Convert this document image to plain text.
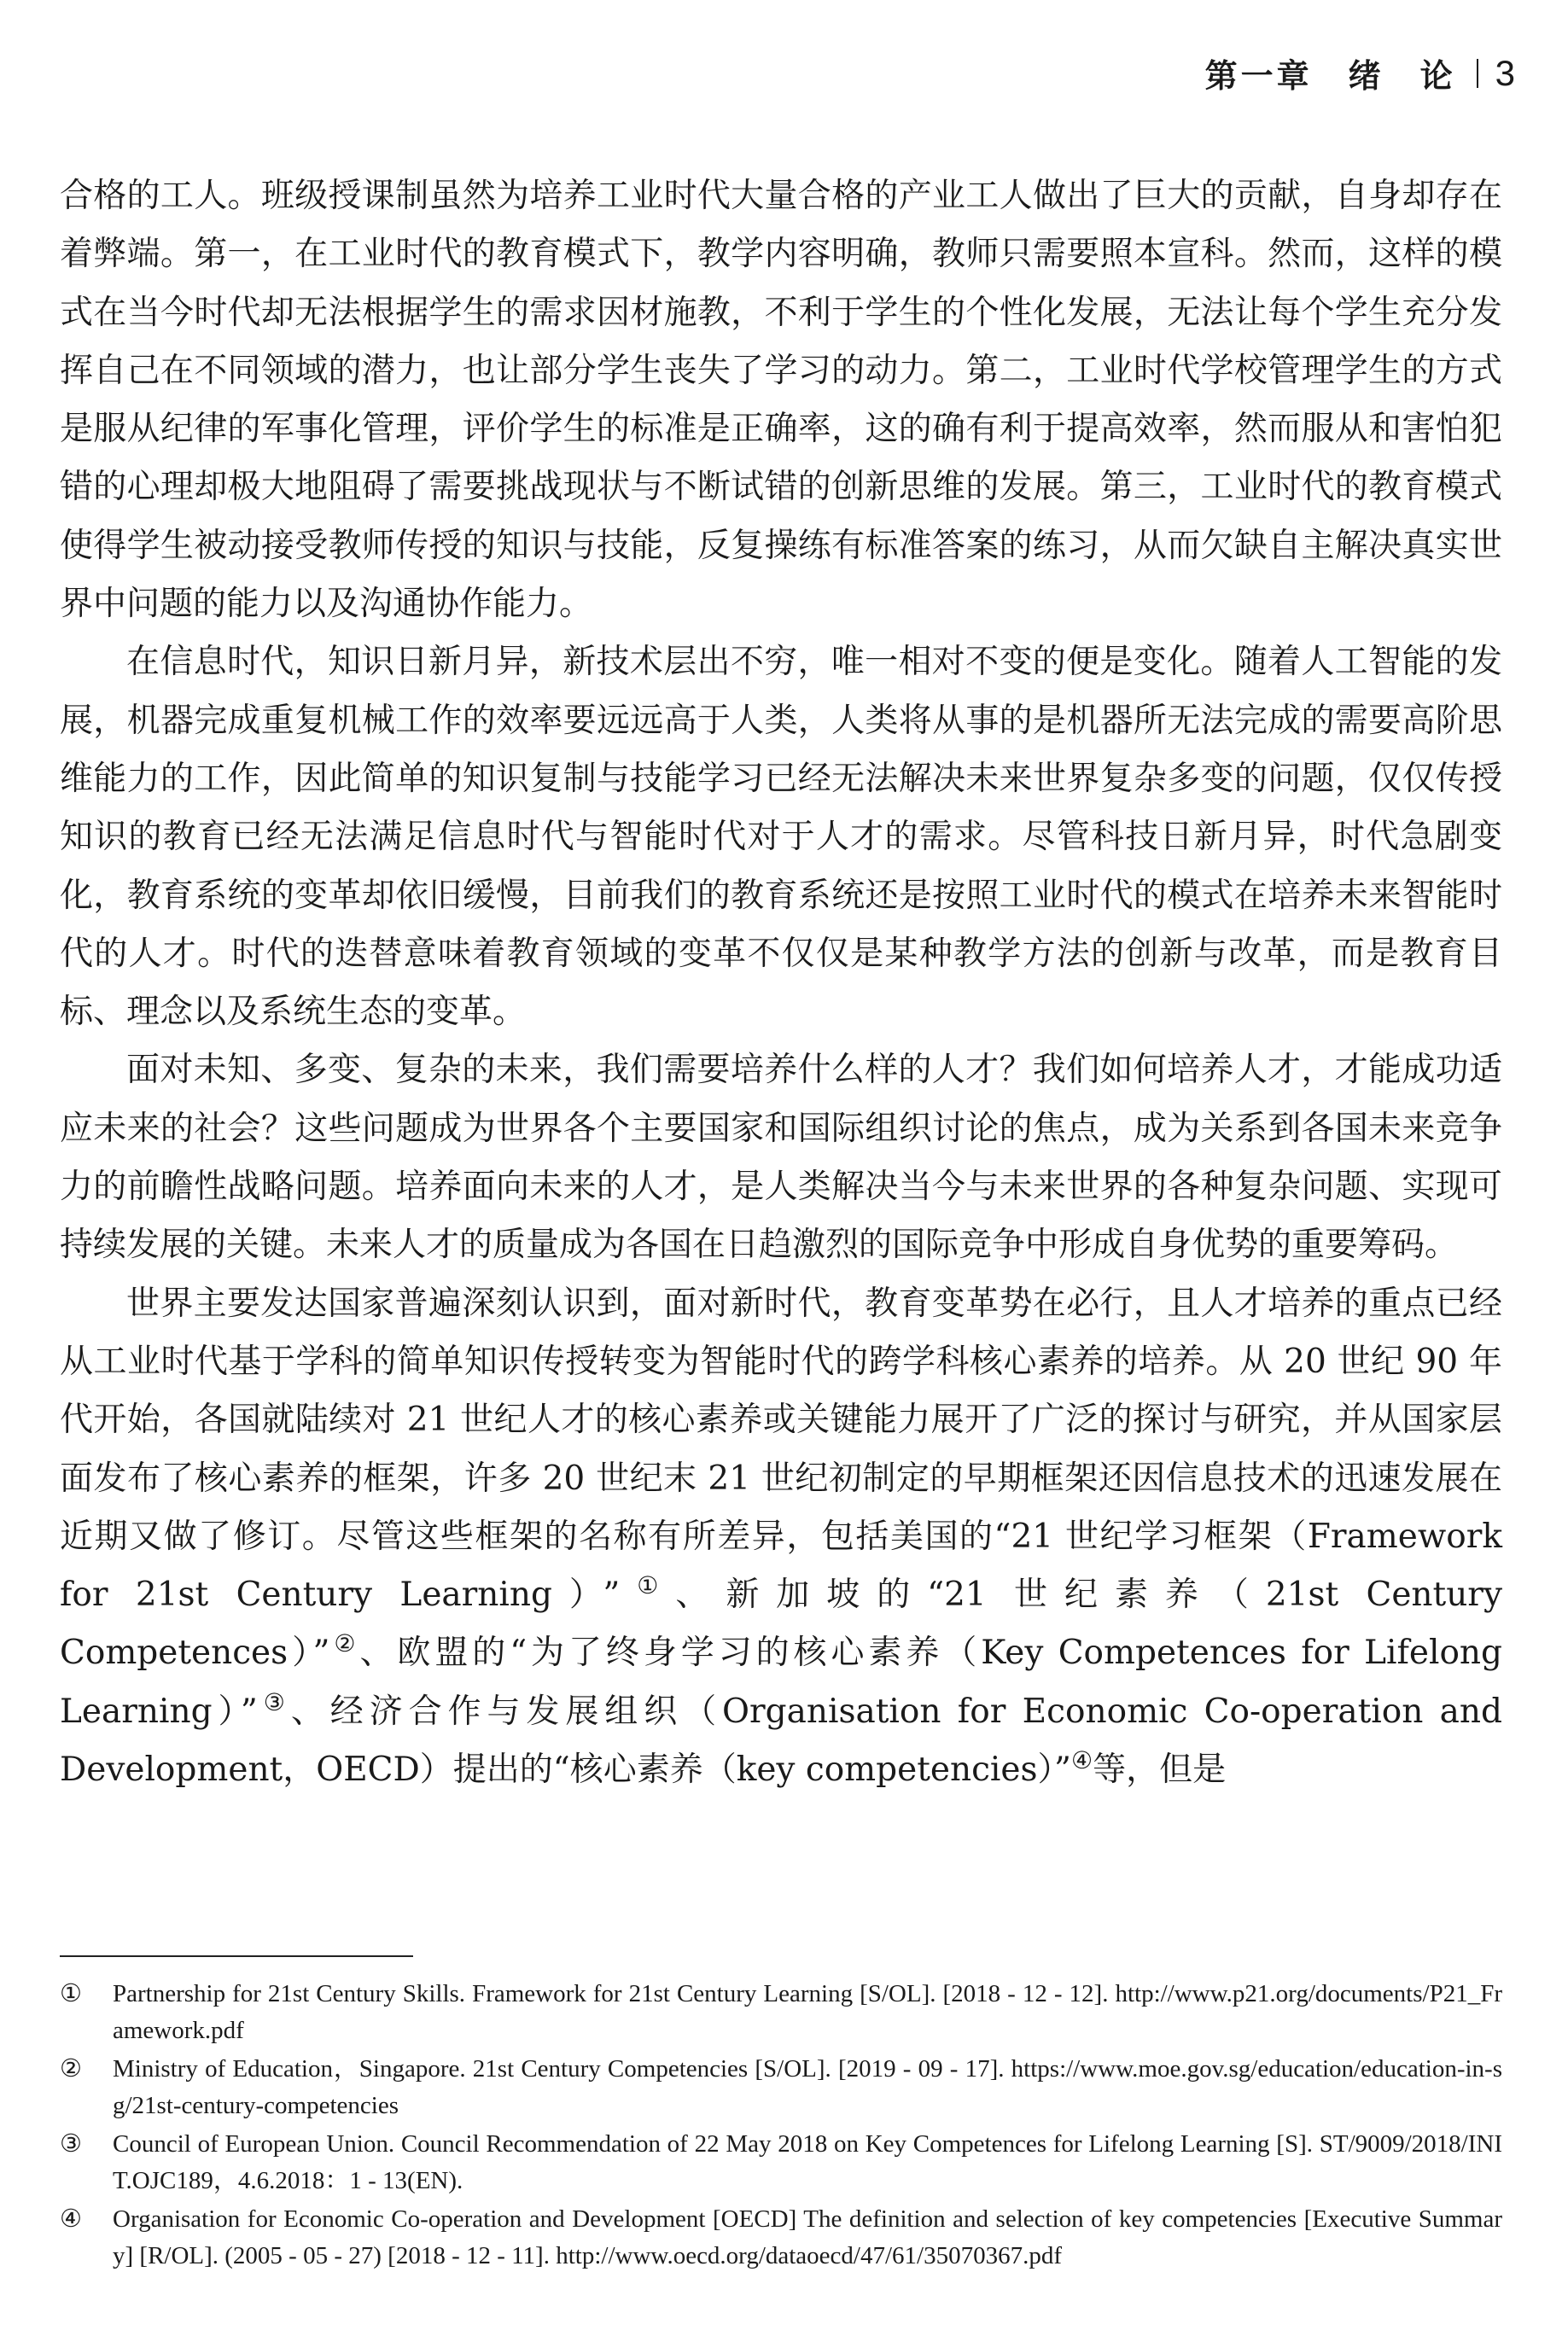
第一章　绪　论 3

合格的工人。班级授课制虽然为培养工业时代大量合格的产业工人做出了巨大的贡献，自身却存在着弊端。第一，在工业时代的教育模式下，教学内容明确，教师只需要照本宣科。然而，这样的模式在当今时代却无法根据学生的需求因材施教，不利于学生的个性化发展，无法让每个学生充分发挥自己在不同领域的潜力，也让部分学生丧失了学习的动力。第二，工业时代学校管理学生的方式是服从纪律的军事化管理，评价学生的标准是正确率，这的确有利于提高效率，然而服从和害怕犯错的心理却极大地阻碍了需要挑战现状与不断试错的创新思维的发展。第三，工业时代的教育模式使得学生被动接受教师传授的知识与技能，反复操练有标准答案的练习，从而欠缺自主解决真实世界中问题的能力以及沟通协作能力。

在信息时代，知识日新月异，新技术层出不穷，唯一相对不变的便是变化。随着人工智能的发展，机器完成重复机械工作的效率要远远高于人类，人类将从事的是机器所无法完成的需要高阶思维能力的工作，因此简单的知识复制与技能学习已经无法解决未来世界复杂多变的问题，仅仅传授知识的教育已经无法满足信息时代与智能时代对于人才的需求。尽管科技日新月异，时代急剧变化，教育系统的变革却依旧缓慢，目前我们的教育系统还是按照工业时代的模式在培养未来智能时代的人才。时代的迭替意味着教育领域的变革不仅仅是某种教学方法的创新与改革，而是教育目标、理念以及系统生态的变革。

面对未知、多变、复杂的未来，我们需要培养什么样的人才？我们如何培养人才，才能成功适应未来的社会？这些问题成为世界各个主要国家和国际组织讨论的焦点，成为关系到各国未来竞争力的前瞻性战略问题。培养面向未来的人才，是人类解决当今与未来世界的各种复杂问题、实现可持续发展的关键。未来人才的质量成为各国在日趋激烈的国际竞争中形成自身优势的重要筹码。

世界主要发达国家普遍深刻认识到，面对新时代，教育变革势在必行，且人才培养的重点已经从工业时代基于学科的简单知识传授转变为智能时代的跨学科核心素养的培养。从 20 世纪 90 年代开始，各国就陆续对 21 世纪人才的核心素养或关键能力展开了广泛的探讨与研究，并从国家层面发布了核心素养的框架，许多 20 世纪末 21 世纪初制定的早期框架还因信息技术的迅速发展在近期又做了修订。尽管这些框架的名称有所差异，包括美国的“21 世纪学习框架（Framework for 21st Century Learning）”①、新加坡的“21 世纪素养（21st Century Competences）”②、欧盟的“为了终身学习的核心素养（Key Competences for Lifelong Learning）”③、经济合作与发展组织（Organisation for Economic Co-operation and Development，OECD）提出的“核心素养（key competencies）”④等，但是

①	Partnership for 21st Century Skills. Framework for 21st Century Learning [S/OL]. [2018 - 12 - 12]. http://www.p21.org/documents/P21_Framework.pdf
②	Ministry of Education，Singapore. 21st Century Competencies [S/OL]. [2019 - 09 - 17]. https://www.moe.gov.sg/education/education-in-sg/21st-century-competencies
③	Council of European Union. Council Recommendation of 22 May 2018 on Key Competences for Lifelong Learning [S]. ST/9009/2018/INIT.OJC189，4.6.2018：1 - 13(EN).
④	Organisation for Economic Co-operation and Development [OECD] The definition and selection of key competencies [Executive Summary] [R/OL]. (2005 - 05 - 27) [2018 - 12 - 11]. http://www.oecd.org/dataoecd/47/61/35070367.pdf
